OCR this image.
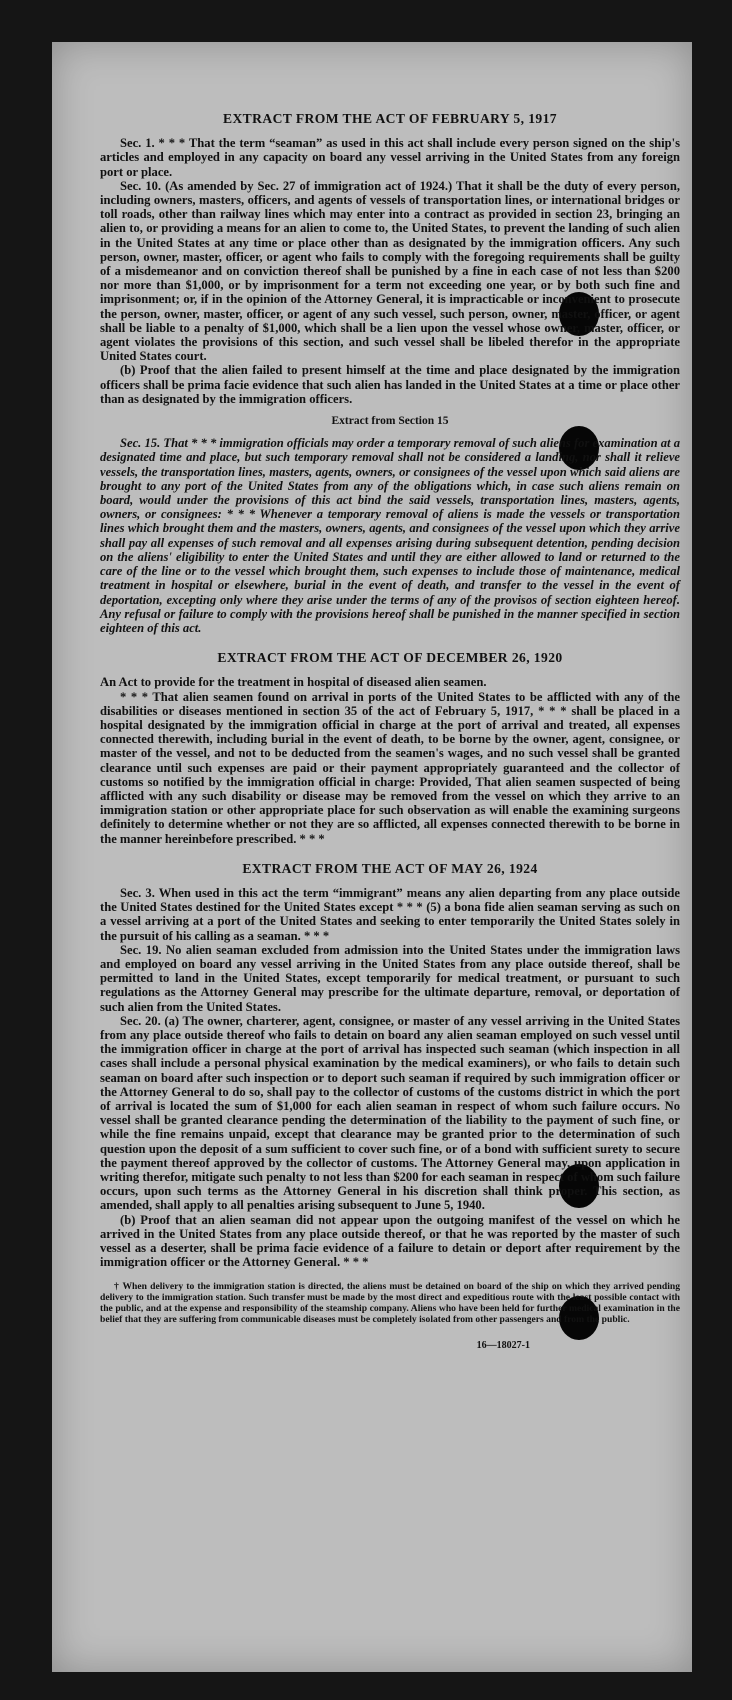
EXTRACT FROM THE ACT OF FEBRUARY 5, 1917

Sec. 1. * * * That the term “seaman” as used in this act shall include every person signed on the ship's articles and employed in any capacity on board any vessel arriving in the United States from any foreign port or place.

Sec. 10. (As amended by Sec. 27 of immigration act of 1924.) That it shall be the duty of every person, including owners, masters, officers, and agents of vessels of transportation lines, or international bridges or toll roads, other than railway lines which may enter into a contract as provided in section 23, bringing an alien to, or providing a means for an alien to come to, the United States, to prevent the landing of such alien in the United States at any time or place other than as designated by the immigration officers. Any such person, owner, master, officer, or agent who fails to comply with the foregoing requirements shall be guilty of a misdemeanor and on conviction thereof shall be punished by a fine in each case of not less than $200 nor more than $1,000, or by imprisonment for a term not exceeding one year, or by both such fine and imprisonment; or, if in the opinion of the Attorney General, it is impracticable or inconvenient to prosecute the person, owner, master, officer, or agent of any such vessel, such person, owner, master, officer, or agent shall be liable to a penalty of $1,000, which shall be a lien upon the vessel whose owner, master, officer, or agent violates the provisions of this section, and such vessel shall be libeled therefor in the appropriate United States court.

(b) Proof that the alien failed to present himself at the time and place designated by the immigration officers shall be prima facie evidence that such alien has landed in the United States at a time or place other than as designated by the immigration officers.

Extract from Section 15

Sec. 15. That * * * immigration officials may order a temporary removal of such aliens for examination at a designated time and place, but such temporary removal shall not be considered a landing, nor shall it relieve vessels, the transportation lines, masters, agents, owners, or consignees of the vessel upon which said aliens are brought to any port of the United States from any of the obligations which, in case such aliens remain on board, would under the provisions of this act bind the said vessels, transportation lines, masters, agents, owners, or consignees: * * * Whenever a temporary removal of aliens is made the vessels or transportation lines which brought them and the masters, owners, agents, and consignees of the vessel upon which they arrive shall pay all expenses of such removal and all expenses arising during subsequent detention, pending decision on the aliens' eligibility to enter the United States and until they are either allowed to land or returned to the care of the line or to the vessel which brought them, such expenses to include those of maintenance, medical treatment in hospital or elsewhere, burial in the event of death, and transfer to the vessel in the event of deportation, excepting only where they arise under the terms of any of the provisos of section eighteen hereof. Any refusal or failure to comply with the provisions hereof shall be punished in the manner specified in section eighteen of this act.

EXTRACT FROM THE ACT OF DECEMBER 26, 1920

An Act to provide for the treatment in hospital of diseased alien seamen.

* * * That alien seamen found on arrival in ports of the United States to be afflicted with any of the disabilities or diseases mentioned in section 35 of the act of February 5, 1917, * * * shall be placed in a hospital designated by the immigration official in charge at the port of arrival and treated, all expenses connected therewith, including burial in the event of death, to be borne by the owner, agent, consignee, or master of the vessel, and not to be deducted from the seamen's wages, and no such vessel shall be granted clearance until such expenses are paid or their payment appropriately guaranteed and the collector of customs so notified by the immigration official in charge: Provided, That alien seamen suspected of being afflicted with any such disability or disease may be removed from the vessel on which they arrive to an immigration station or other appropriate place for such observation as will enable the examining surgeons definitely to determine whether or not they are so afflicted, all expenses connected therewith to be borne in the manner hereinbefore prescribed. * * *

EXTRACT FROM THE ACT OF MAY 26, 1924

Sec. 3. When used in this act the term “immigrant” means any alien departing from any place outside the United States destined for the United States except * * * (5) a bona fide alien seaman serving as such on a vessel arriving at a port of the United States and seeking to enter temporarily the United States solely in the pursuit of his calling as a seaman. * * *

Sec. 19. No alien seaman excluded from admission into the United States under the immigration laws and employed on board any vessel arriving in the United States from any place outside thereof, shall be permitted to land in the United States, except temporarily for medical treatment, or pursuant to such regulations as the Attorney General may prescribe for the ultimate departure, removal, or deportation of such alien from the United States.

Sec. 20. (a) The owner, charterer, agent, consignee, or master of any vessel arriving in the United States from any place outside thereof who fails to detain on board any alien seaman employed on such vessel until the immigration officer in charge at the port of arrival has inspected such seaman (which inspection in all cases shall include a personal physical examination by the medical examiners), or who fails to detain such seaman on board after such inspection or to deport such seaman if required by such immigration officer or the Attorney General to do so, shall pay to the collector of customs of the customs district in which the port of arrival is located the sum of $1,000 for each alien seaman in respect of whom such failure occurs. No vessel shall be granted clearance pending the determination of the liability to the payment of such fine, or while the fine remains unpaid, except that clearance may be granted prior to the determination of such question upon the deposit of a sum sufficient to cover such fine, or of a bond with sufficient surety to secure the payment thereof approved by the collector of customs. The Attorney General may, upon application in writing therefor, mitigate such penalty to not less than $200 for each seaman in respect of whom such failure occurs, upon such terms as the Attorney General in his discretion shall think proper. This section, as amended, shall apply to all penalties arising subsequent to June 5, 1940.

(b) Proof that an alien seaman did not appear upon the outgoing manifest of the vessel on which he arrived in the United States from any place outside thereof, or that he was reported by the master of such vessel as a deserter, shall be prima facie evidence of a failure to detain or deport after requirement by the immigration officer or the Attorney General. * * *

† When delivery to the immigration station is directed, the aliens must be detained on board of the ship on which they arrived pending delivery to the immigration station. Such transfer must be made by the most direct and expeditious route with the least possible contact with the public, and at the expense and responsibility of the steamship company. Aliens who have been held for further medical examination in the belief that they are suffering from communicable diseases must be completely isolated from other passengers and from the public.
16—18027-1
